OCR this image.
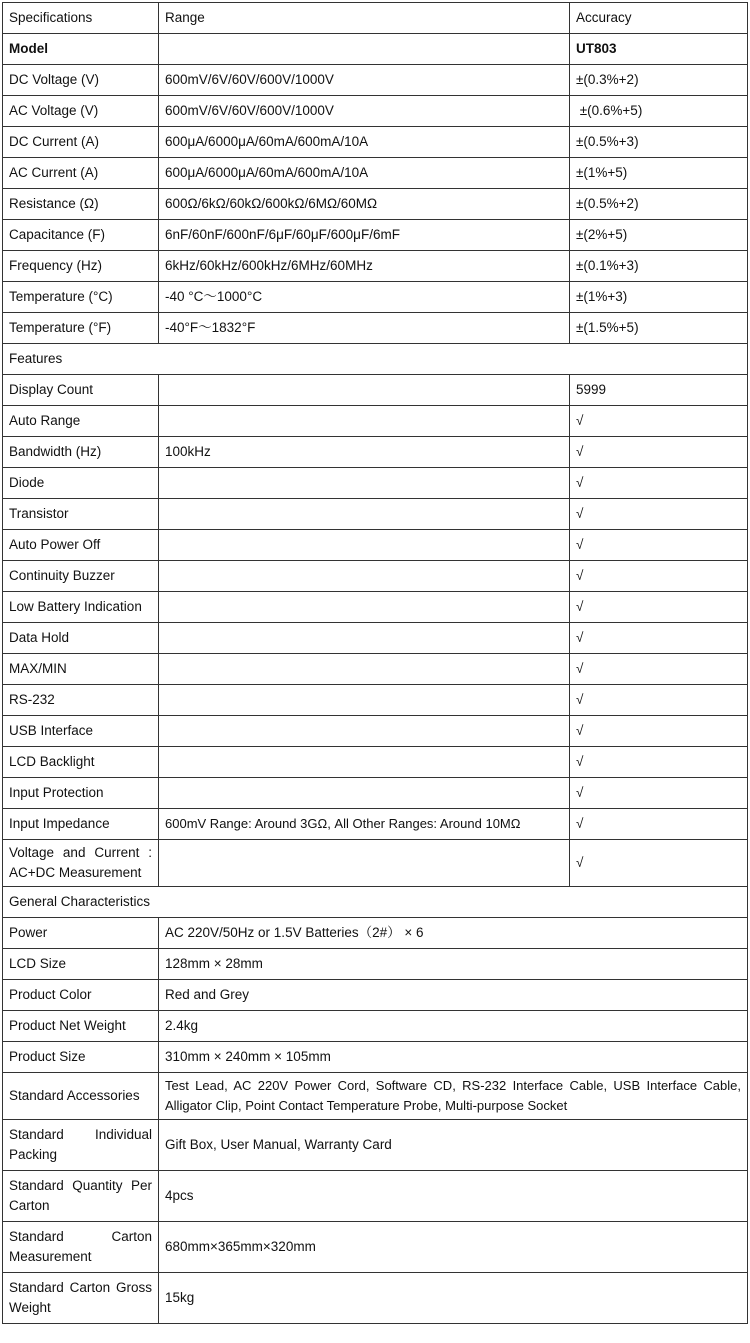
Specifications	Range	Accuracy
Model		UT803
DC Voltage (V)	600mV/6V/60V/600V/1000V	±(0.3%+2)
AC Voltage (V)	600mV/6V/60V/600V/1000V	±(0.6%+5)
DC Current (A)	600μA/6000μA/60mA/600mA/10A	±(0.5%+3)
AC Current (A)	600μA/6000μA/60mA/600mA/10A	±(1%+5)
Resistance (Ω)	600Ω/6kΩ/60kΩ/600kΩ/6MΩ/60MΩ	±(0.5%+2)
Capacitance (F)	6nF/60nF/600nF/6μF/60μF/600μF/6mF	±(2%+5)
Frequency (Hz)	6kHz/60kHz/600kHz/6MHz/60MHz	±(0.1%+3)
Temperature (°C)	-40 °C～1000°C	±(1%+3)
Temperature (°F)	-40°F～1832°F	±(1.5%+5)
Features		
Display Count		5999
Auto Range		√
Bandwidth (Hz)	100kHz	√
Diode		√
Transistor		√
Auto Power Off		√
Continuity Buzzer		√
Low Battery Indication		√
Data Hold		√
MAX/MIN		√
RS-232		√
USB Interface		√
LCD Backlight		√
Input Protection		√
Input Impedance	600mV Range: Around 3GΩ, All Other Ranges: Around 10MΩ	√
Voltage and Current : AC+DC Measurement		√
General Characteristics		
Power	AC 220V/50Hz or 1.5V Batteries（2#） × 6	
LCD Size	128mm × 28mm	
Product Color	Red and Grey	
Product Net Weight	2.4kg	
Product Size	310mm × 240mm × 105mm	
Standard Accessories	Test Lead, AC 220V Power Cord, Software CD, RS-232 Interface Cable, USB Interface Cable, Alligator Clip, Point Contact Temperature Probe, Multi-purpose Socket	
Standard Individual Packing	Gift Box, User Manual, Warranty Card	
Standard Quantity Per Carton	4pcs	
Standard Carton Measurement	680mm×365mm×320mm	
Standard Carton Gross Weight	15kg	
